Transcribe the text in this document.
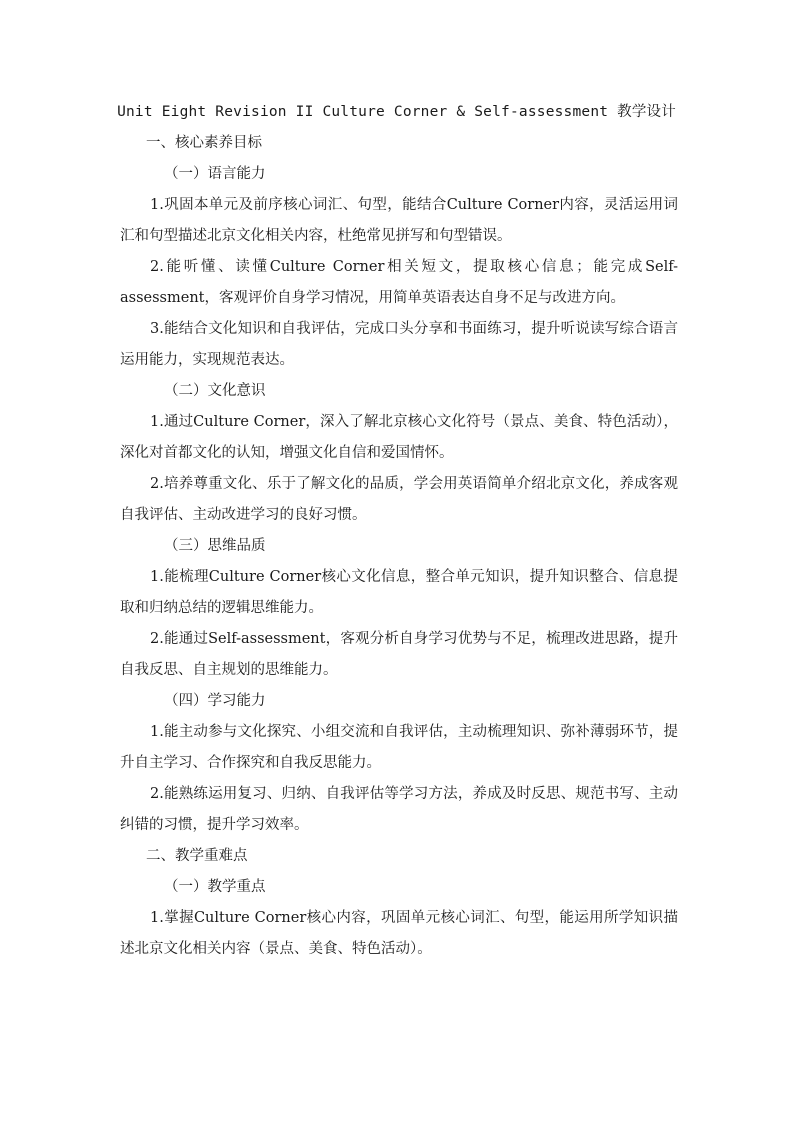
Unit Eight Revision II Culture Corner & Self-assessment 教学设计

一、核心素养目标

（一）语言能力

1.巩固本单元及前序核心词汇、句型，能结合Culture Corner内容，灵活运用词汇和句型描述北京文化相关内容，杜绝常见拼写和句型错误。

2.能听懂、读懂Culture Corner相关短文，提取核心信息；能完成Self-assessment，客观评价自身学习情况，用简单英语表达自身不足与改进方向。

3.能结合文化知识和自我评估，完成口头分享和书面练习，提升听说读写综合语言运用能力，实现规范表达。

（二）文化意识

1.通过Culture Corner，深入了解北京核心文化符号（景点、美食、特色活动），深化对首都文化的认知，增强文化自信和爱国情怀。

2.培养尊重文化、乐于了解文化的品质，学会用英语简单介绍北京文化，养成客观自我评估、主动改进学习的良好习惯。

（三）思维品质

1.能梳理Culture Corner核心文化信息，整合单元知识，提升知识整合、信息提取和归纳总结的逻辑思维能力。

2.能通过Self-assessment，客观分析自身学习优势与不足，梳理改进思路，提升自我反思、自主规划的思维能力。

（四）学习能力

1.能主动参与文化探究、小组交流和自我评估，主动梳理知识、弥补薄弱环节，提升自主学习、合作探究和自我反思能力。

2.能熟练运用复习、归纳、自我评估等学习方法，养成及时反思、规范书写、主动纠错的习惯，提升学习效率。

二、教学重难点

（一）教学重点

1.掌握Culture Corner核心内容，巩固单元核心词汇、句型，能运用所学知识描述北京文化相关内容（景点、美食、特色活动）。
